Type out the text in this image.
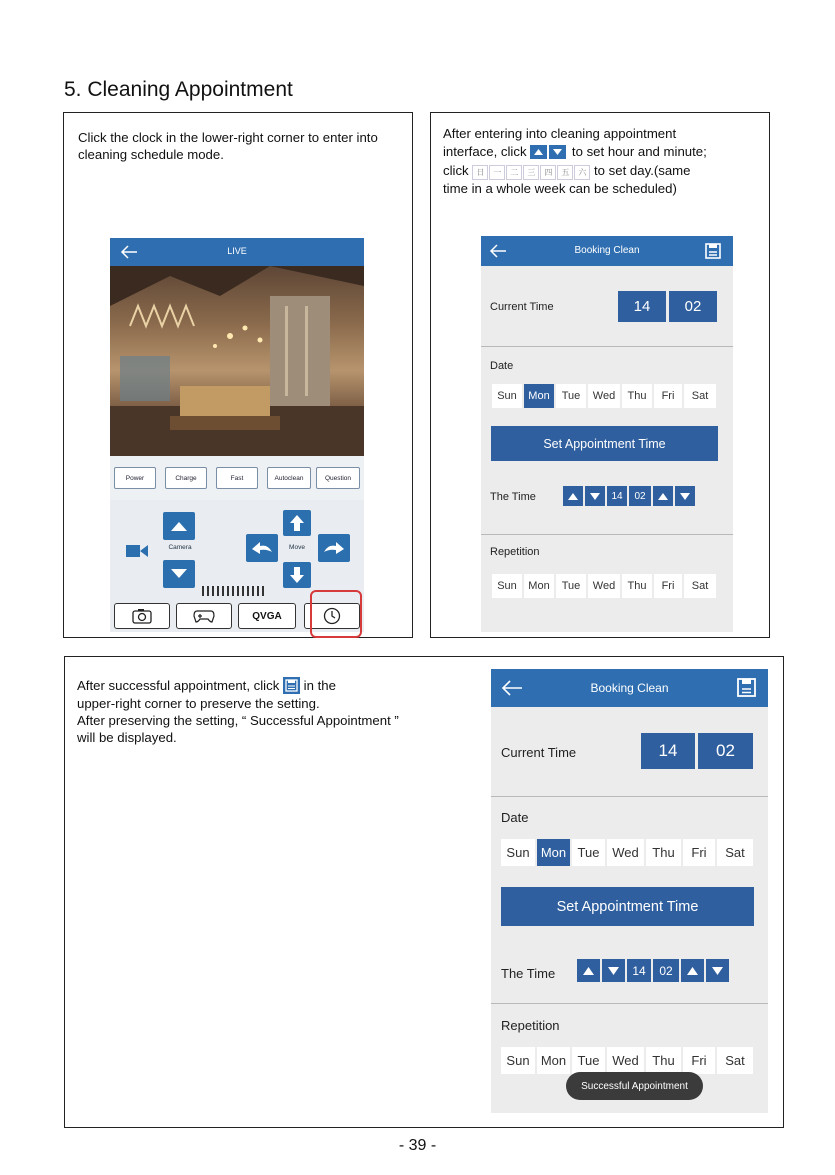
5. Cleaning Appointment
Click the clock in the lower-right corner to enter into cleaning schedule mode.
LIVE
Power	Charge	Fast	Autoclean	Question
Camera	Move
QVGA
After entering into cleaning appointment
interface, click	to set hour and minute;
click 日 一 二 三 四 五 六 to set day.(same
time in a whole week can be scheduled)
Booking Clean
Current Time	14	02
Date
Sun	Mon	Tue	Wed	Thu	Fri	Sat
Set Appointment Time
The Time	14	02
Repetition
Sun	Mon	Tue	Wed	Thu	Fri	Sat
After successful appointment, click in the
upper-right corner to preserve the setting.
After preserving the setting, “ Successful Appointment ”
will be displayed.
Booking Clean
Current Time	14	02
Date
Sun Mon Tue Wed	Thu	Fri	Sat
Set Appointment Time
The Time	14	02
Repetition
Sun Mon Tue Wed	Thu	Fri	Sat
Successful Appointment
- 39 -
